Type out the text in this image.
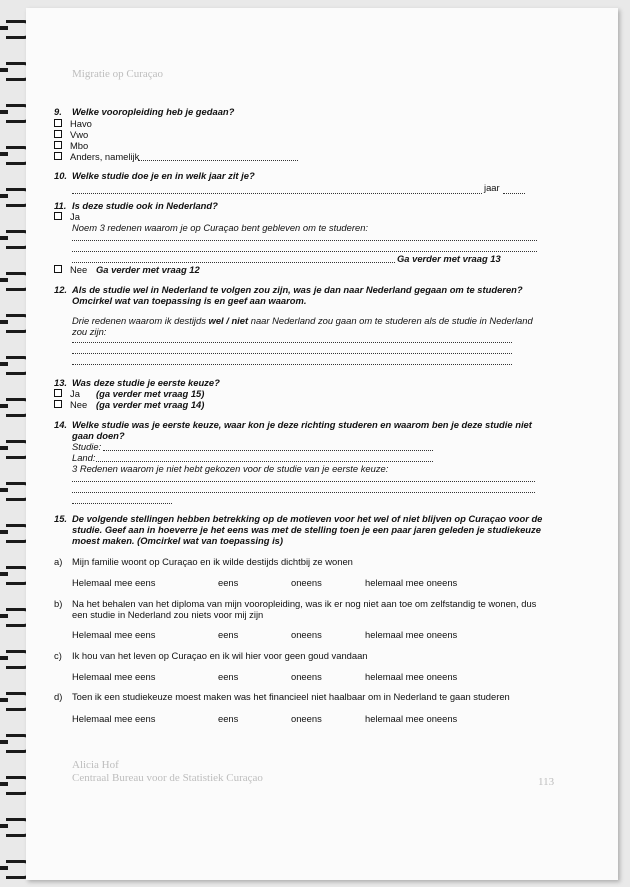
Migratie op Curaçao
9. Welke vooropleiding heb je gedaan?
Havo
Vwo
Mbo
Anders, namelijk
10. Welke studie doe je en in welk jaar zit je?
jaar
11. Is deze studie ook in Nederland?
Ja
Noem 3 redenen waarom je op Curaçao bent gebleven om te studeren:
Ga verder met vraag 13
Nee Ga verder met vraag 12
12. Als de studie wel in Nederland te volgen zou zijn, was je dan naar Nederland gegaan om te studeren?
Omcirkel wat van toepassing is en geef aan waarom.
Drie redenen waarom ik destijds wel / niet naar Nederland zou gaan om te studeren als de studie in Nederland
zou zijn:
13. Was deze studie je eerste keuze?
Ja (ga verder met vraag 15)
Nee (ga verder met vraag 14)
14. Welke studie was je eerste keuze, waar kon je deze richting studeren en waarom ben je deze studie niet
gaan doen?
Studie:
Land:
3 Redenen waarom je niet hebt gekozen voor de studie van je eerste keuze:
15. De volgende stellingen hebben betrekking op de motieven voor het wel of niet blijven op Curaçao voor de
studie. Geef aan in hoeverre je het eens was met de stelling toen je een paar jaren geleden je studiekeuze
moest maken. (Omcirkel wat van toepassing is)
a) Mijn familie woont op Curaçao en ik wilde destijds dichtbij ze wonen
Helemaal mee eens	eens	oneens	helemaal mee oneens
b) Na het behalen van het diploma van mijn vooropleiding, was ik er nog niet aan toe om zelfstandig te wonen, dus
een studie in Nederland zou niets voor mij zijn
Helemaal mee eens	eens	oneens	helemaal mee oneens
c) Ik hou van het leven op Curaçao en ik wil hier voor geen goud vandaan
Helemaal mee eens	eens	oneens	helemaal mee oneens
d) Toen ik een studiekeuze moest maken was het financieel niet haalbaar om in Nederland te gaan studeren
Helemaal mee eens	eens	oneens	helemaal mee oneens
Alicia Hof
Centraal Bureau voor de Statistiek Curaçao	113
